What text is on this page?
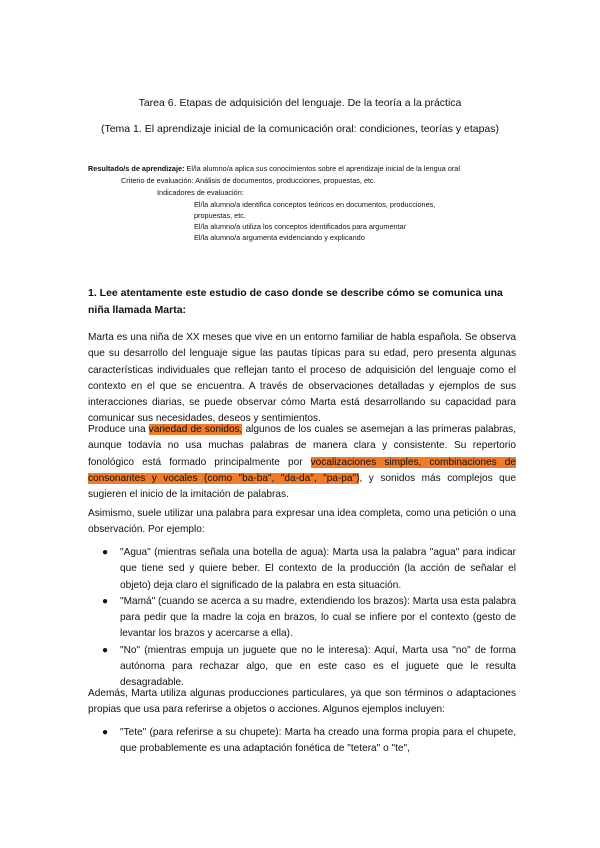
Tarea 6. Etapas de adquisición del lenguaje. De la teoría a la práctica
(Tema 1. El aprendizaje inicial de la comunicación oral: condiciones, teorías y etapas)
Resultado/s de aprendizaje: El/la alumno/a aplica sus conocimientos sobre el aprendizaje inicial de la lengua oral
Criterio de evaluación: Análisis de documentos, producciones, propuestas, etc.
Indicadores de evaluación:
El/la alumno/a identifica conceptos teóricos en documentos, producciones,
propuestas, etc.
El/la alumno/a utiliza los conceptos identificados para argumentar
El/la alumno/a argumenta evidenciando y explicando
1. Lee atentamente este estudio de caso donde se describe cómo se comunica una niña llamada Marta:

Marta es una niña de XX meses que vive en un entorno familiar de habla española. Se observa que su desarrollo del lenguaje sigue las pautas típicas para su edad, pero presenta algunas características individuales que reflejan tanto el proceso de adquisición del lenguaje como el contexto en el que se encuentra. A través de observaciones detalladas y ejemplos de sus interacciones diarias, se puede observar cómo Marta está desarrollando su capacidad para comunicar sus necesidades, deseos y sentimientos.

Produce una variedad de sonidos, algunos de los cuales se asemejan a las primeras palabras, aunque todavía no usa muchas palabras de manera clara y consistente. Su repertorio fonológico está formado principalmente por vocalizaciones simples, combinaciones de consonantes y vocales (como "ba-ba", "da-da", "pa-pa"), y sonidos más complejos que sugieren el inicio de la imitación de palabras.

Asimismo, suele utilizar una palabra para expresar una idea completa, como una petición o una observación. Por ejemplo:

● "Agua" (mientras señala una botella de agua): Marta usa la palabra "agua" para indicar que tiene sed y quiere beber. El contexto de la producción (la acción de señalar el objeto) deja claro el significado de la palabra en esta situación.
● "Mamá" (cuando se acerca a su madre, extendiendo los brazos): Marta usa esta palabra para pedir que la madre la coja en brazos, lo cual se infiere por el contexto (gesto de levantar los brazos y acercarse a ella).
● "No" (mientras empuja un juguete que no le interesa): Aquí, Marta usa "no" de forma autónoma para rechazar algo, que en este caso es el juguete que le resulta desagradable.

Además, Marta utiliza algunas producciones particulares, ya que son términos o adaptaciones propias que usa para referirse a objetos o acciones. Algunos ejemplos incluyen:

● "Tete" (para referirse a su chupete): Marta ha creado una forma propia para el chupete, que probablemente es una adaptación fonética de "tetera" o "te",
